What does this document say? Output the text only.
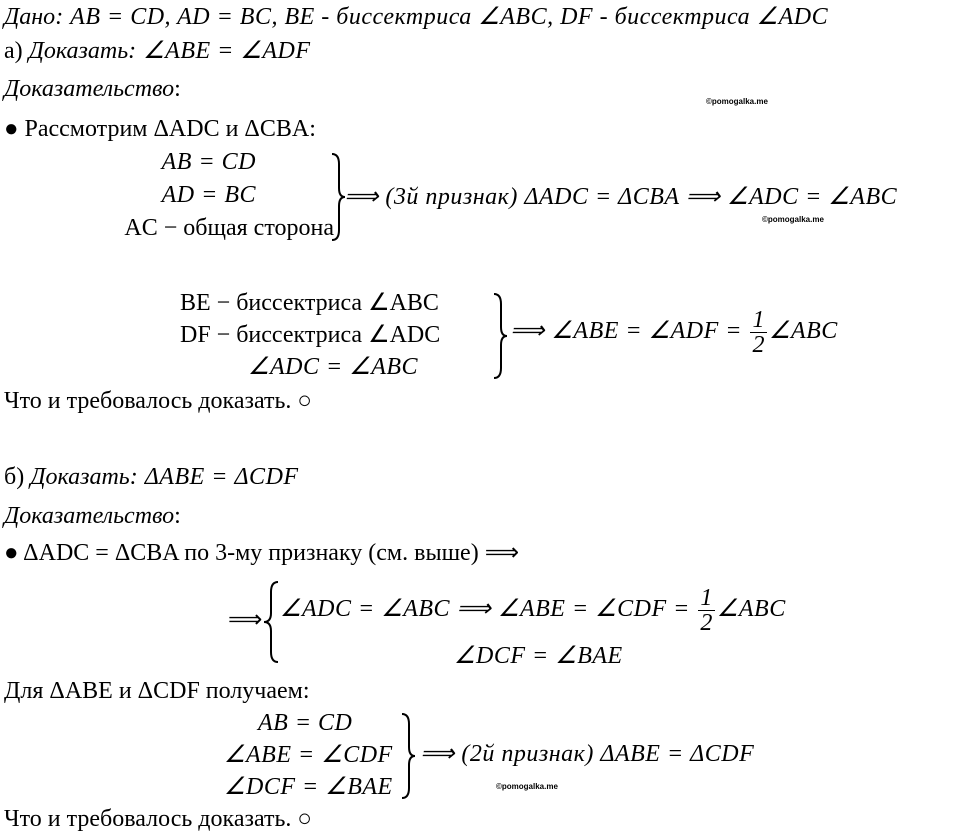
Дано: AB = CD, AD = BC, BE - биссектриса ∠ABC, DF - биссектриса ∠ADC
а) Доказать: ∠ABE = ∠ADF
Доказательство:	©pomogalka.me
● Рассмотрим ΔADC и ΔCBA:
AB = CD
AD = BC
AC − общая сторона
⟹ (3й признак) ΔADC = ΔCBA ⟹ ∠ADC = ∠ABC
©pomogalka.me
BE − биссектриса ∠ABC
DF − биссектриса ∠ADC
∠ADC = ∠ABC
⟹ ∠ABE = ∠ADF = $\frac{1}{2}$ ∠ABC
Что и требовалось доказать. ○
б) Доказать: ΔABE = ΔCDF
Доказательство:
● ΔADC = ΔCBA по 3-му признаку (см. выше) ⟹
⟹ ∠ADC = ∠ABC ⟹ ∠ABE = ∠CDF = $\frac{1}{2}$ ∠ABC
∠DCF = ∠BAE
Для ΔABE и ΔCDF получаем:
AB = CD
∠ABE = ∠CDF
∠DCF = ∠BAE
⟹ (2й признак) ΔABE = ΔCDF
©pomogalka.me
Что и требовалось доказать. ○
